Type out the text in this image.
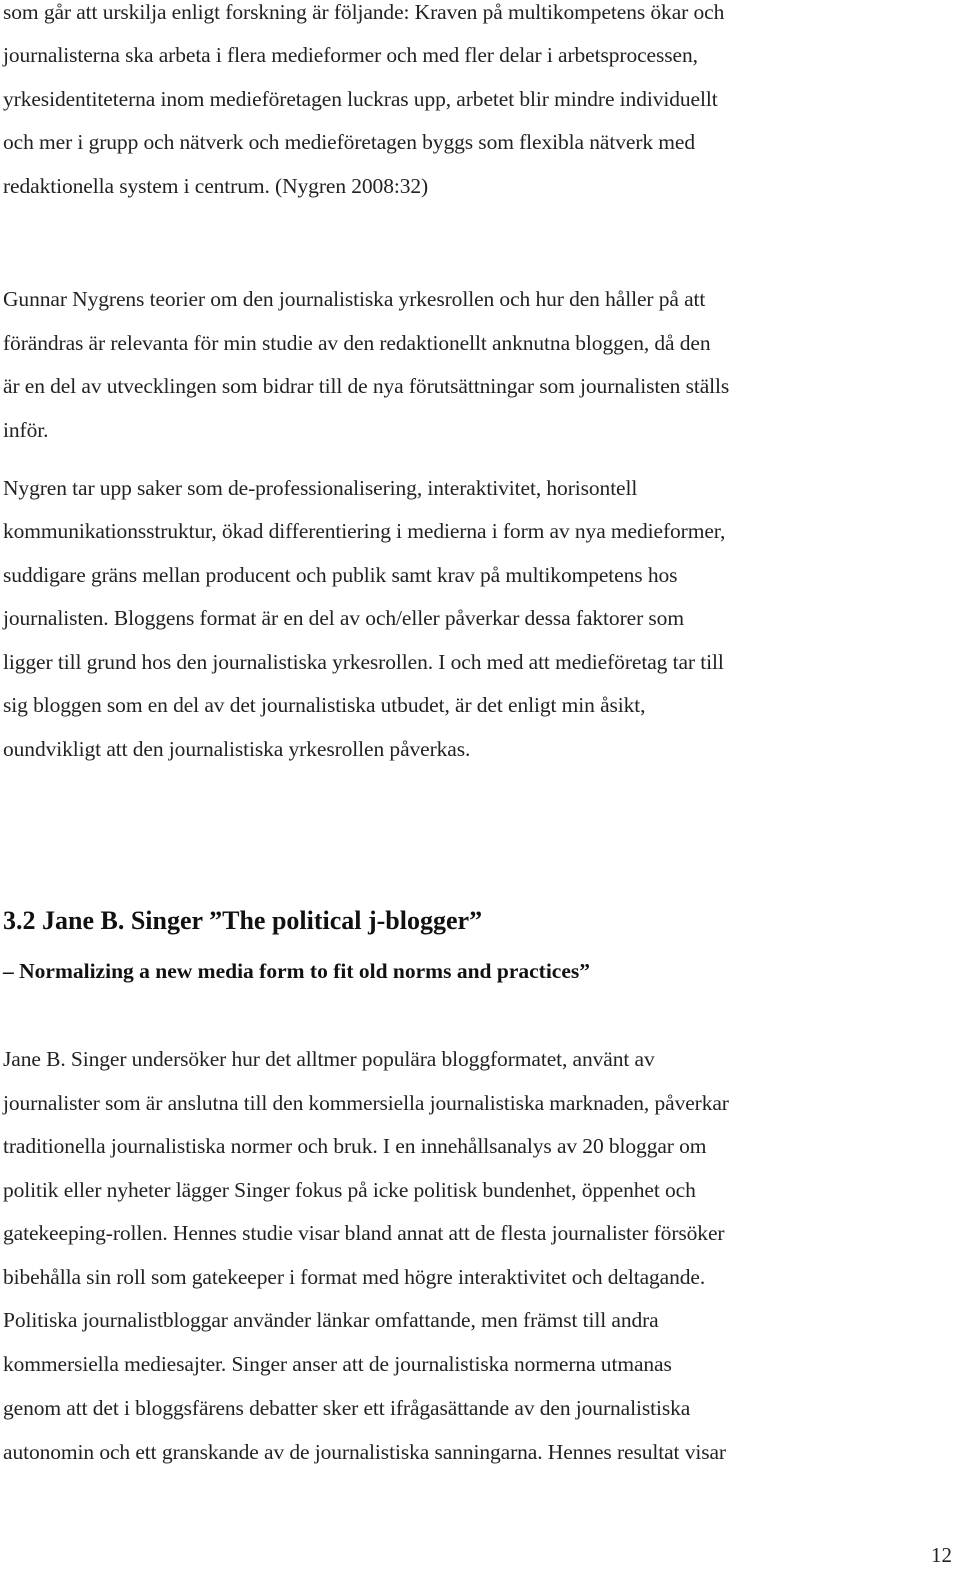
som går att urskilja enligt forskning är följande: Kraven på multikompetens ökar och
journalisterna ska arbeta i flera medieformer och med fler delar i arbetsprocessen,
yrkesidentiteterna inom medieföretagen luckras upp, arbetet blir mindre individuellt
och mer i grupp och nätverk och medieföretagen byggs som flexibla nätverk med
redaktionella system i centrum. (Nygren 2008:32)
Gunnar Nygrens teorier om den journalistiska yrkesrollen och hur den håller på att
förändras är relevanta för min studie av den redaktionellt anknutna bloggen, då den
är en del av utvecklingen som bidrar till de nya förutsättningar som journalisten ställs
inför.
Nygren tar upp saker som de-professionalisering, interaktivitet, horisontell
kommunikationsstruktur, ökad differentiering i medierna i form av nya medieformer,
suddigare gräns mellan producent och publik samt krav på multikompetens hos
journalisten. Bloggens format är en del av och/eller påverkar dessa faktorer som
ligger till grund hos den journalistiska yrkesrollen. I och med att medieföretag tar till
sig bloggen som en del av det journalistiska utbudet, är det enligt min åsikt,
oundvikligt att den journalistiska yrkesrollen påverkas.
3.2 Jane B. Singer ”The political j-blogger”
– Normalizing a new media form to fit old norms and practices”
Jane B. Singer undersöker hur det alltmer populära bloggformatet, använt av
journalister som är anslutna till den kommersiella journalistiska marknaden, påverkar
traditionella journalistiska normer och bruk. I en innehållsanalys av 20 bloggar om
politik eller nyheter lägger Singer fokus på icke politisk bundenhet, öppenhet och
gatekeeping-rollen. Hennes studie visar bland annat att de flesta journalister försöker
bibehålla sin roll som gatekeeper i format med högre interaktivitet och deltagande.
Politiska journalistbloggar använder länkar omfattande, men främst till andra
kommersiella mediesajter. Singer anser att de journalistiska normerna utmanas
genom att det i bloggsfärens debatter sker ett ifrågasättande av den journalistiska
autonomin och ett granskande av de journalistiska sanningarna. Hennes resultat visar
12
